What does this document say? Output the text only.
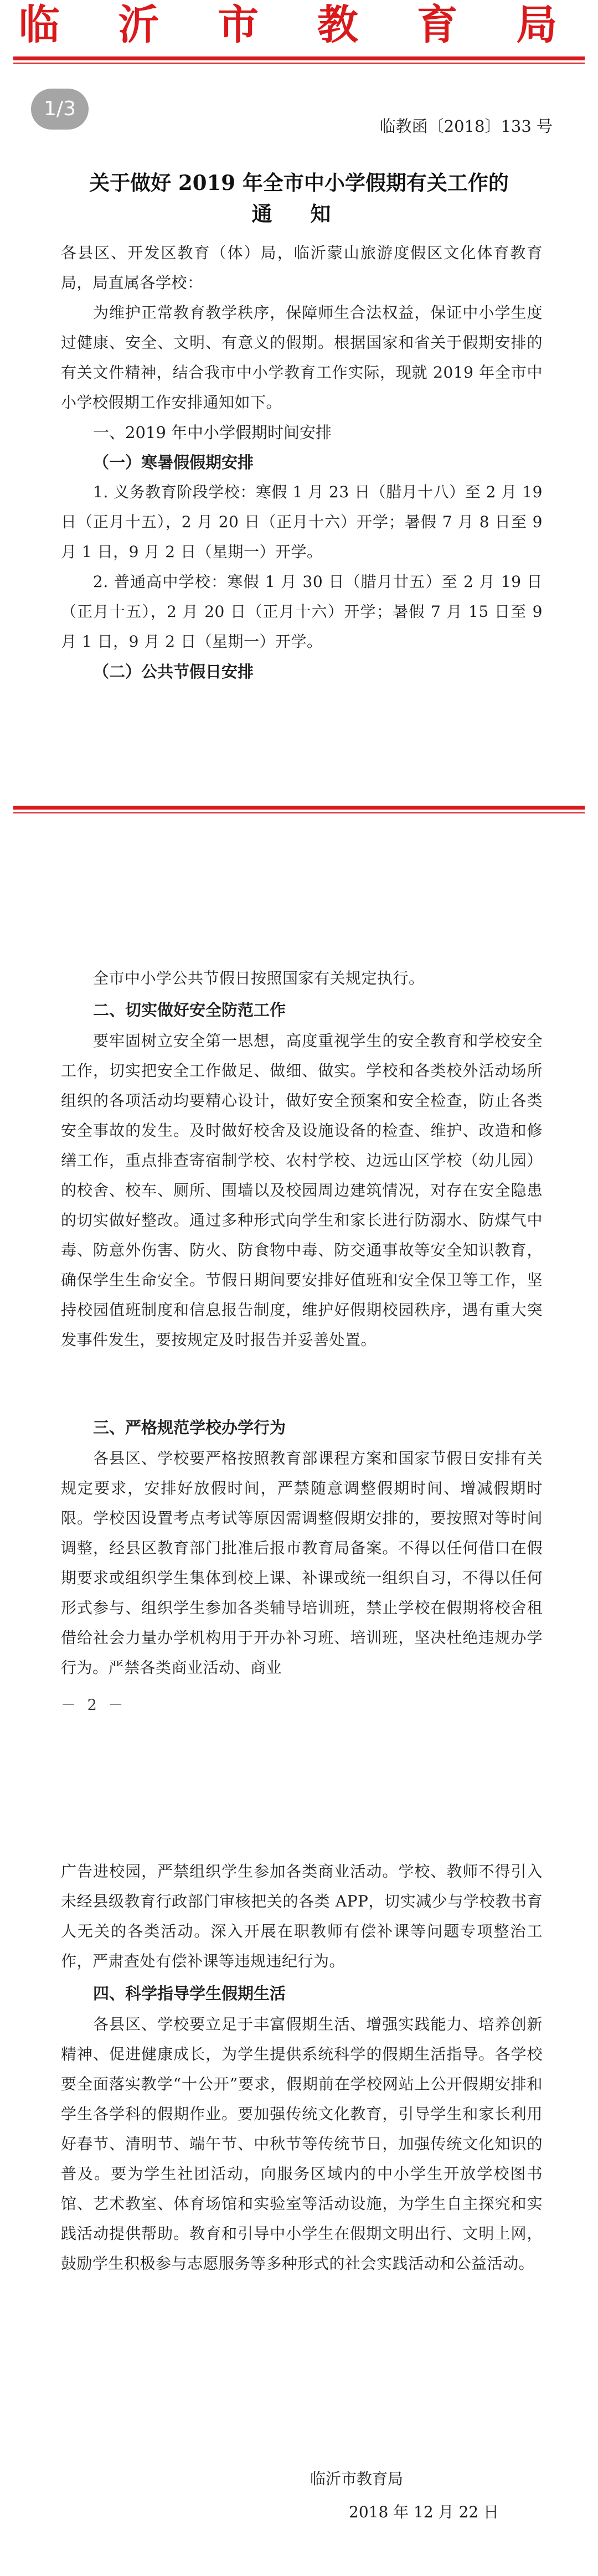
临 沂 市 教 育 局
1/3
临教函〔2018〕133 号
关于做好 2019 年全市中小学假期有关工作的
通 知

各县区、开发区教育（体）局，临沂蒙山旅游度假区文化体育教育局，局直属各学校：

为维护正常教育教学秩序，保障师生合法权益，保证中小学生度过健康、安全、文明、有意义的假期。根据国家和省关于假期安排的有关文件精神，结合我市中小学教育工作实际，现就 2019 年全市中小学校假期工作安排通知如下。

一、2019 年中小学假期时间安排

（一）寒暑假假期安排

1. 义务教育阶段学校：寒假 1 月 23 日（腊月十八）至 2 月 19 日（正月十五），2 月 20 日（正月十六）开学；暑假 7 月 8 日至 9 月 1 日，9 月 2 日（星期一）开学。

2. 普通高中学校：寒假 1 月 30 日（腊月廿五）至 2 月 19 日（正月十五），2 月 20 日（正月十六）开学；暑假 7 月 15 日至 9 月 1 日，9 月 2 日（星期一）开学。

（二）公共节假日安排

全市中小学公共节假日按照国家有关规定执行。

二、切实做好安全防范工作

要牢固树立安全第一思想，高度重视学生的安全教育和学校安全工作，切实把安全工作做足、做细、做实。学校和各类校外活动场所组织的各项活动均要精心设计，做好安全预案和安全检查，防止各类安全事故的发生。及时做好校舍及设施设备的检查、维护、改造和修缮工作，重点排查寄宿制学校、农村学校、边远山区学校（幼儿园）的校舍、校车、厕所、围墙以及校园周边建筑情况，对存在安全隐患的切实做好整改。通过多种形式向学生和家长进行防溺水、防煤气中毒、防意外伤害、防火、防食物中毒、防交通事故等安全知识教育，确保学生生命安全。节假日期间要安排好值班和安全保卫等工作，坚持校园值班制度和信息报告制度，维护好假期校园秩序，遇有重大突发事件发生，要按规定及时报告并妥善处置。

三、严格规范学校办学行为

各县区、学校要严格按照教育部课程方案和国家节假日安排有关规定要求，安排好放假时间，严禁随意调整假期时间、增减假期时限。学校因设置考点考试等原因需调整假期安排的，要按照对等时间调整，经县区教育部门批准后报市教育局备案。不得以任何借口在假期要求或组织学生集体到校上课、补课或统一组织自习，不得以任何形式参与、组织学生参加各类辅导培训班，禁止学校在假期将校舍租借给社会力量办学机构用于开办补习班、培训班，坚决杜绝违规办学行为。严禁各类商业活动、商业

－ 2 －

广告进校园，严禁组织学生参加各类商业活动。学校、教师不得引入未经县级教育行政部门审核把关的各类 APP，切实减少与学校教书育人无关的各类活动。深入开展在职教师有偿补课等问题专项整治工作，严肃查处有偿补课等违规违纪行为。

四、科学指导学生假期生活

各县区、学校要立足于丰富假期生活、增强实践能力、培养创新精神、促进健康成长，为学生提供系统科学的假期生活指导。各学校要全面落实教学“十公开”要求，假期前在学校网站上公开假期安排和学生各学科的假期作业。要加强传统文化教育，引导学生和家长利用好春节、清明节、端午节、中秋节等传统节日，加强传统文化知识的普及。要为学生社团活动，向服务区域内的中小学生开放学校图书馆、艺术教室、体育场馆和实验室等活动设施，为学生自主探究和实践活动提供帮助。教育和引导中小学生在假期文明出行、文明上网，鼓励学生积极参与志愿服务等多种形式的社会实践活动和公益活动。

临沂市教育局

2018 年 12 月 22 日
